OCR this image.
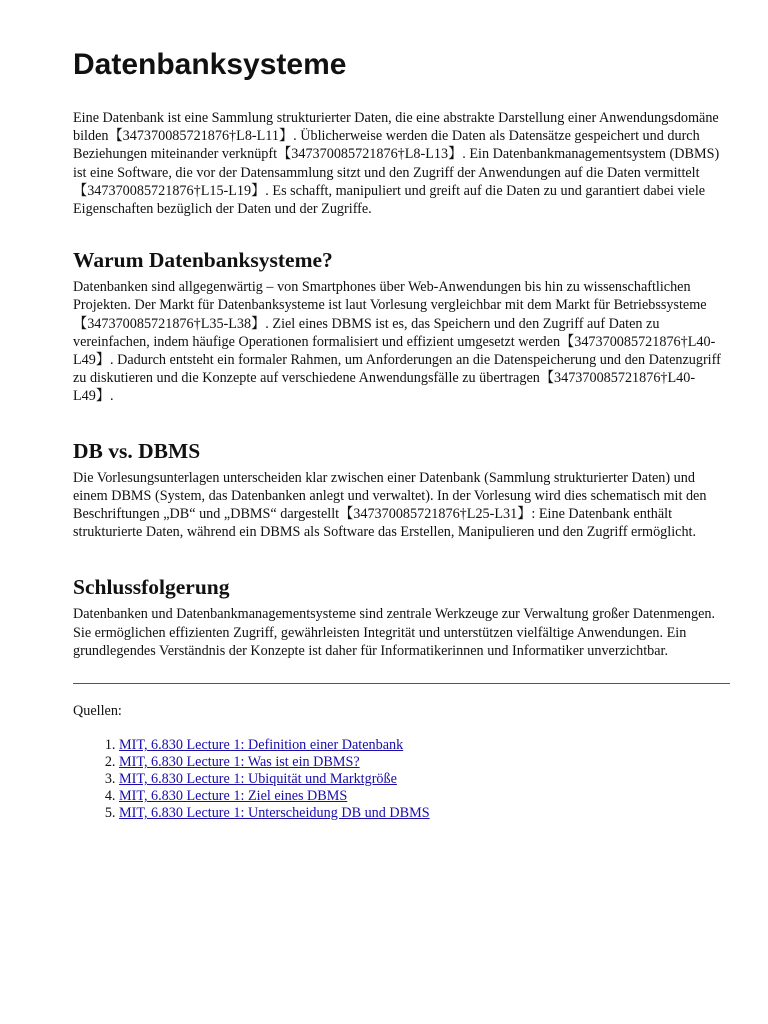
Datenbanksysteme

Eine Datenbank ist eine Sammlung strukturierter Daten, die eine abstrakte Darstellung einer Anwendungsdomäne bilden【347370085721876†L8-L11】. Üblicherweise werden die Daten als Datensätze gespeichert und durch Beziehungen miteinander verknüpft【347370085721876†L8-L13】. Ein Datenbankmanagementsystem (DBMS) ist eine Software, die vor der Datensammlung sitzt und den Zugriff der Anwendungen auf die Daten vermittelt【347370085721876†L15-L19】. Es schafft, manipuliert und greift auf die Daten zu und garantiert dabei viele Eigenschaften bezüglich der Daten und der Zugriffe.

Warum Datenbanksysteme?

Datenbanken sind allgegenwärtig – von Smartphones über Web‑Anwendungen bis hin zu wissenschaftlichen Projekten. Der Markt für Datenbanksysteme ist laut Vorlesung vergleichbar mit dem Markt für Betriebssysteme【347370085721876†L35-L38】. Ziel eines DBMS ist es, das Speichern und den Zugriff auf Daten zu vereinfachen, indem häufige Operationen formalisiert und effizient umgesetzt werden【347370085721876†L40-L49】. Dadurch entsteht ein formaler Rahmen, um Anforderungen an die Datenspeicherung und den Datenzugriff zu diskutieren und die Konzepte auf verschiedene Anwendungsfälle zu übertragen【347370085721876†L40-L49】.

DB vs. DBMS

Die Vorlesungsunterlagen unterscheiden klar zwischen einer Datenbank (Sammlung strukturierter Daten) und einem DBMS (System, das Datenbanken anlegt und verwaltet). In der Vorlesung wird dies schematisch mit den Beschriftungen „DB“ und „DBMS“ dargestellt【347370085721876†L25-L31】: Eine Datenbank enthält strukturierte Daten, während ein DBMS als Software das Erstellen, Manipulieren und den Zugriff ermöglicht.

Schlussfolgerung

Datenbanken und Datenbankmanagementsysteme sind zentrale Werkzeuge zur Verwaltung großer Datenmengen. Sie ermöglichen effizienten Zugriff, gewährleisten Integrität und unterstützen vielfältige Anwendungen. Ein grundlegendes Verständnis der Konzepte ist daher für Informatikerinnen und Informatiker unverzichtbar.

Quellen:
1. MIT, 6.830 Lecture 1: Definition einer Datenbank
2. MIT, 6.830 Lecture 1: Was ist ein DBMS?
3. MIT, 6.830 Lecture 1: Ubiquität und Marktgröße
4. MIT, 6.830 Lecture 1: Ziel eines DBMS
5. MIT, 6.830 Lecture 1: Unterscheidung DB und DBMS
